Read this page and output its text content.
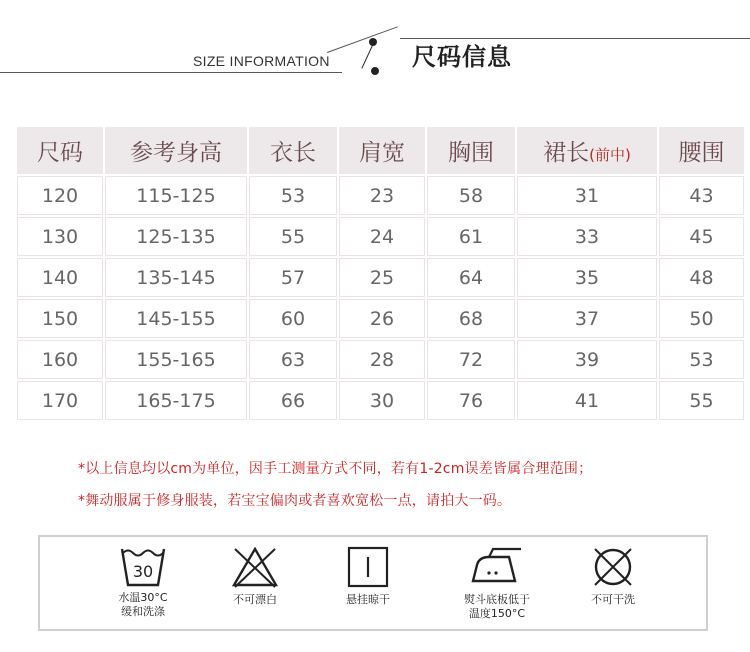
SIZE INFORMATION	尺码信息
尺码	参考身高	衣长	肩宽	胸围	裙长(前中)	腰围
120	115-125	53	23	58	31	43
130	125-135	55	24	61	33	45
140	135-145	57	25	64	35	48
150	145-155	60	26	68	37	50
160	155-165	63	28	72	39	53
170	165-175	66	30	76	41	55
*以上信息均以cm为单位，因手工测量方式不同，若有1-2cm误差皆属合理范围；
*舞动服属于修身服装，若宝宝偏肉或者喜欢宽松一点，请拍大一码。
30
水温30°C
缓和洗涤
不可漂白	悬挂晾干	熨斗底板低于
温度150°C
不可干洗
